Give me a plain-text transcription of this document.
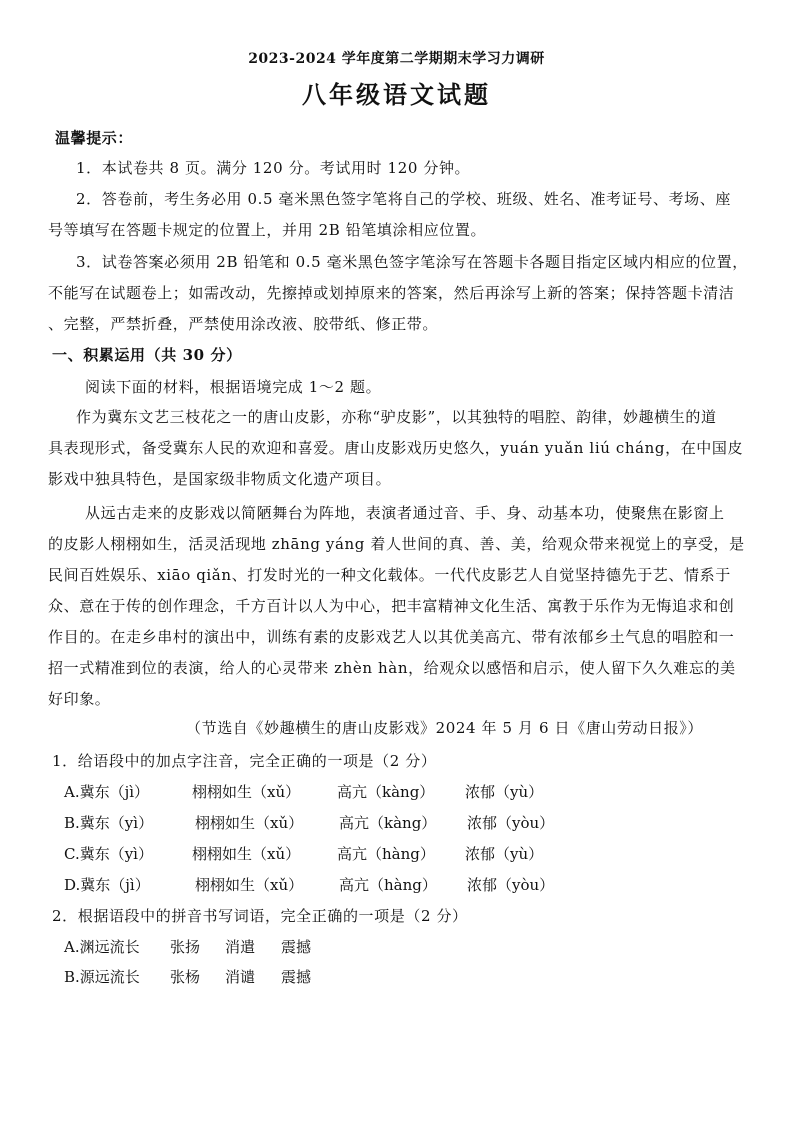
2023-2024 学年度第二学期期末学习力调研
八年级语文试题
温馨提示：
1．本试卷共 8 页。满分 120 分。考试用时 120 分钟。
2．答卷前，考生务必用 0.5 毫米黑色签字笔将自己的学校、班级、姓名、准考证号、考场、座
号等填写在答题卡规定的位置上，并用 2B 铅笔填涂相应位置。
3．试卷答案必须用 2B 铅笔和 0.5 毫米黑色签字笔涂写在答题卡各题目指定区域内相应的位置，
不能写在试题卷上；如需改动，先擦掉或划掉原来的答案，然后再涂写上新的答案；保持答题卡清洁
、完整，严禁折叠，严禁使用涂改液、胶带纸、修正带。
一、积累运用（共 30 分）
阅读下面的材料，根据语境完成 1～2 题。
作为冀东文艺三枝花之一的唐山皮影，亦称“驴皮影”，以其独特的唱腔、韵律，妙趣横生的道
具表现形式，备受冀东人民的欢迎和喜爱。唐山皮影戏历史悠久，yuán yuǎn liú cháng，在中国皮
影戏中独具特色，是国家级非物质文化遗产项目。
从远古走来的皮影戏以简陋舞台为阵地，表演者通过音、手、身、动基本功，使聚焦在影窗上
的皮影人栩栩如生，活灵活现地 zhāng yáng 着人世间的真、善、美，给观众带来视觉上的享受，是
民间百姓娱乐、xiāo qiǎn、打发时光的一种文化载体。一代代皮影艺人自觉坚持德先于艺、情系于
众、意在于传的创作理念，千方百计以人为中心，把丰富精神文化生活、寓教于乐作为无悔追求和创
作目的。在走乡串村的演出中，训练有素的皮影戏艺人以其优美高亢、带有浓郁乡土气息的唱腔和一
招一式精准到位的表演，给人的心灵带来 zhèn hàn，给观众以感悟和启示，使人留下久久难忘的美
好印象。
（节选自《妙趣横生的唐山皮影戏》2024 年 5 月 6 日《唐山劳动日报》）
1．给语段中的加点字注音，完全正确的一项是（2 分）
A.冀东（jì）	栩栩如生（xǔ）	高亢（kàng）	浓郁（yù）
B.冀东（yì）	栩栩如生（xǔ）	高亢（kàng）	浓郁（yòu）
C.冀东（yì）	栩栩如生（xǔ）	高亢（hàng）	浓郁（yù）
D.冀东（jì）	栩栩如生（xǔ）	高亢（hàng）	浓郁（yòu）
2．根据语段中的拼音书写词语，完全正确的一项是（2 分）
A.渊远流长	张扬	消遣	震撼
B.源远流长	张杨	消谴	震撼
